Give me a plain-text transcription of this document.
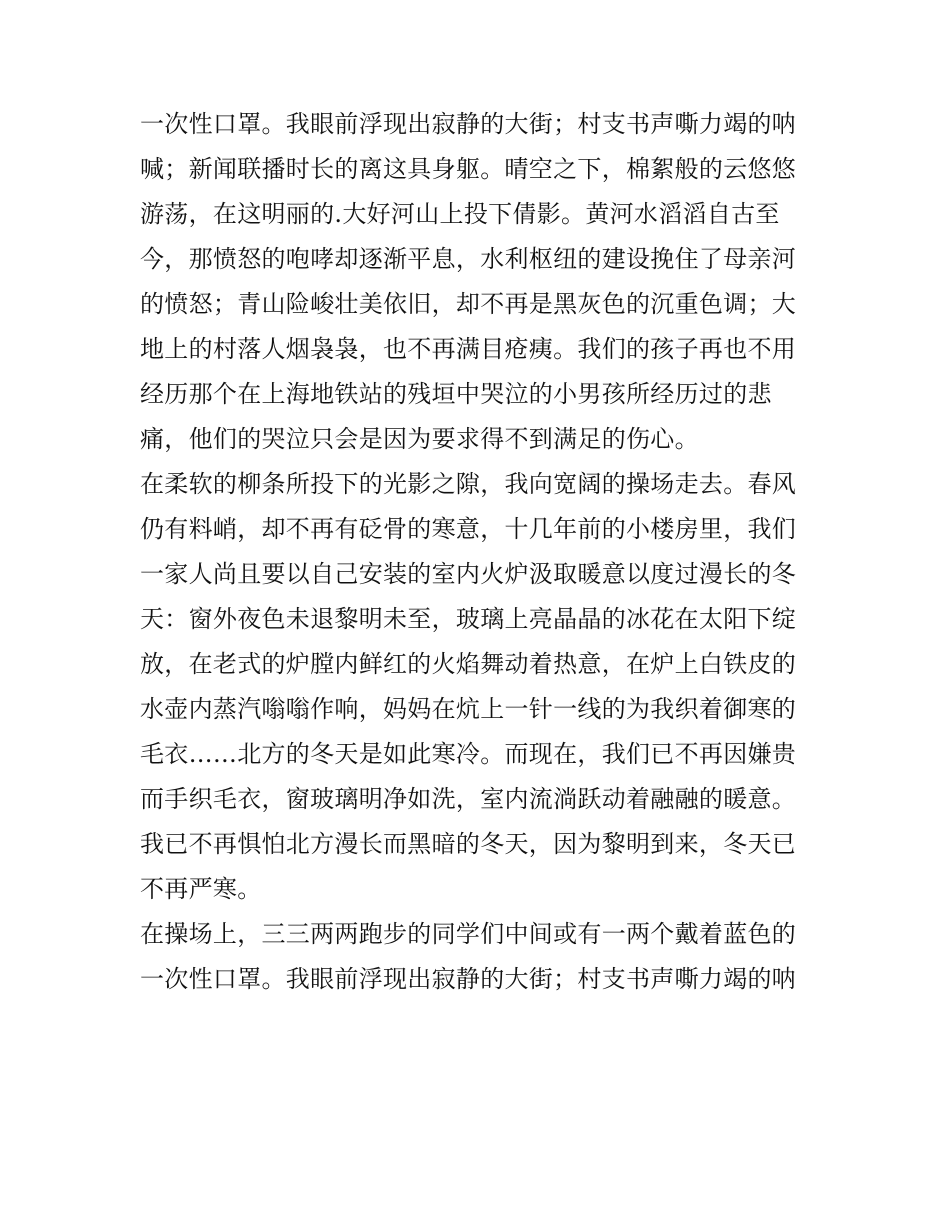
一次性口罩。我眼前浮现出寂静的大街；村支书声嘶力竭的呐
喊；新闻联播时长的离这具身躯。晴空之下，棉絮般的云悠悠
游荡，在这明丽的.大好河山上投下倩影。黄河水滔滔自古至
今，那愤怒的咆哮却逐渐平息，水利枢纽的建设挽住了母亲河
的愤怒；青山险峻壮美依旧，却不再是黑灰色的沉重色调；大
地上的村落人烟袅袅，也不再满目疮痍。我们的孩子再也不用
经历那个在上海地铁站的残垣中哭泣的小男孩所经历过的悲
痛，他们的哭泣只会是因为要求得不到满足的伤心。
在柔软的柳条所投下的光影之隙，我向宽阔的操场走去。春风
仍有料峭，却不再有砭骨的寒意，十几年前的小楼房里，我们
一家人尚且要以自己安装的室内火炉汲取暖意以度过漫长的冬
天：窗外夜色未退黎明未至，玻璃上亮晶晶的冰花在太阳下绽
放，在老式的炉膛内鲜红的火焰舞动着热意，在炉上白铁皮的
水壶内蒸汽嗡嗡作响，妈妈在炕上一针一线的为我织着御寒的
毛衣……北方的冬天是如此寒冷。而现在，我们已不再因嫌贵
而手织毛衣，窗玻璃明净如洗，室内流淌跃动着融融的暖意。
我已不再惧怕北方漫长而黑暗的冬天，因为黎明到来，冬天已
不再严寒。
在操场上，三三两两跑步的同学们中间或有一两个戴着蓝色的
一次性口罩。我眼前浮现出寂静的大街；村支书声嘶力竭的呐
